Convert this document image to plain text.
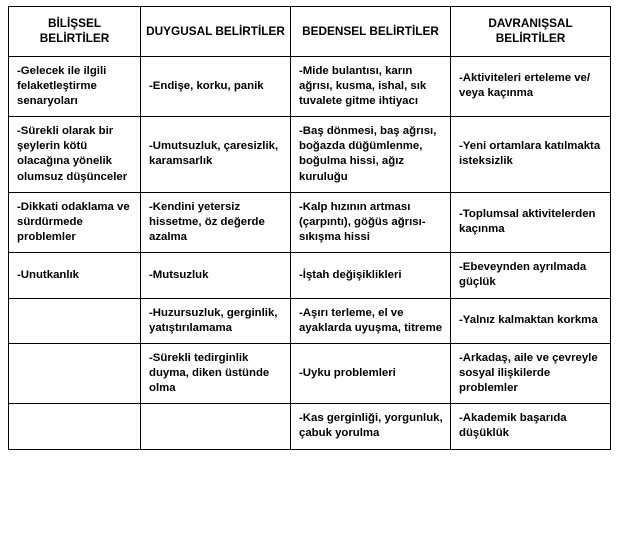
BİLİŞSEL BELİRTİLER	DUYGUSAL BELİRTİLER	BEDENSEL BELİRTİLER	DAVRANIŞSAL BELİRTİLER
-Gelecek ile ilgili felaketleştirme senaryoları	-Endişe, korku, panik	-Mide bulantısı, karın ağrısı, kusma, ishal, sık tuvalete gitme ihtiyacı	-Aktiviteleri erteleme ve/ veya kaçınma
-Sürekli olarak bir şeylerin kötü olacağına yönelik olumsuz düşünceler	-Umutsuzluk, çaresizlik, karamsarlık	-Baş dönmesi, baş ağrısı, boğazda düğümlenme, boğulma hissi, ağız kuruluğu	-Yeni ortamlara katılmakta isteksizlik
-Dikkati odaklama ve sürdürmede problemler	-Kendini yetersiz hissetme, öz değerde azalma	-Kalp hızının artması (çarpıntı), göğüs ağrısı-sıkışma hissi	-Toplumsal aktivitelerden kaçınma
-Unutkanlık	-Mutsuzluk	-İştah değişiklikleri	-Ebeveynden ayrılmada güçlük
	-Huzursuzluk, gerginlik, yatıştırılamama	-Aşırı terleme, el ve ayaklarda uyuşma, titreme	-Yalnız kalmaktan korkma
	-Sürekli tedirginlik duyma, diken üstünde olma	-Uyku problemleri	-Arkadaş, aile ve çevreyle sosyal ilişkilerde problemler
		-Kas gerginliği, yorgunluk, çabuk yorulma	-Akademik başarıda düşüklük
